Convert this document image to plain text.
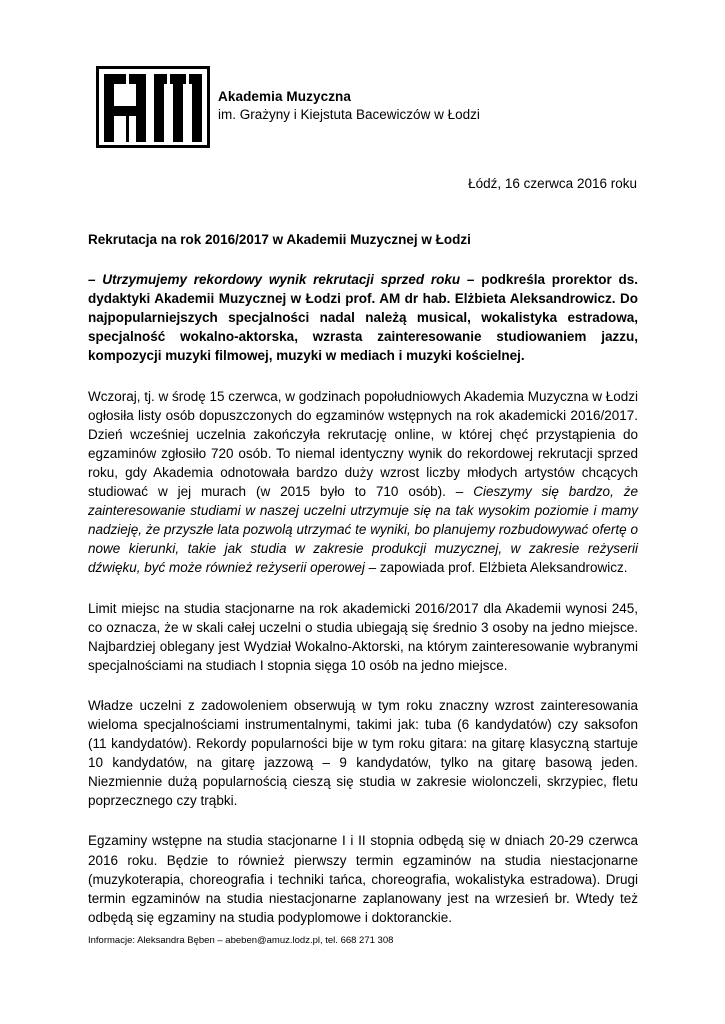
Akademia Muzyczna
im. Grażyny i Kiejstuta Bacewiczów w Łodzi
Łódź, 16 czerwca 2016 roku

Rekrutacja na rok 2016/2017 w Akademii Muzycznej w Łodzi

– Utrzymujemy rekordowy wynik rekrutacji sprzed roku – podkreśla prorektor ds. dydaktyki Akademii Muzycznej w Łodzi prof. AM dr hab. Elżbieta Aleksandrowicz. Do najpopularniejszych specjalności nadal należą musical, wokalistyka estradowa, specjalność wokalno-aktorska, wzrasta zainteresowanie studiowaniem jazzu, kompozycji muzyki filmowej, muzyki w mediach i muzyki kościelnej.

Wczoraj, tj. w środę 15 czerwca, w godzinach popołudniowych Akademia Muzyczna w Łodzi ogłosiła listy osób dopuszczonych do egzaminów wstępnych na rok akademicki 2016/2017. Dzień wcześniej uczelnia zakończyła rekrutację online, w której chęć przystąpienia do egzaminów zgłosiło 720 osób. To niemal identyczny wynik do rekordowej rekrutacji sprzed roku, gdy Akademia odnotowała bardzo duży wzrost liczby młodych artystów chcących studiować w jej murach (w 2015 było to 710 osób). – Cieszymy się bardzo, że zainteresowanie studiami w naszej uczelni utrzymuje się na tak wysokim poziomie i mamy nadzieję, że przyszłe lata pozwolą utrzymać te wyniki, bo planujemy rozbudowywać ofertę o nowe kierunki, takie jak studia w zakresie produkcji muzycznej, w zakresie reżyserii dźwięku, być może również reżyserii operowej – zapowiada prof. Elżbieta Aleksandrowicz.

Limit miejsc na studia stacjonarne na rok akademicki 2016/2017 dla Akademii wynosi 245, co oznacza, że w skali całej uczelni o studia ubiegają się średnio 3 osoby na jedno miejsce. Najbardziej oblegany jest Wydział Wokalno-Aktorski, na którym zainteresowanie wybranymi specjalnościami na studiach I stopnia sięga 10 osób na jedno miejsce.

Władze uczelni z zadowoleniem obserwują w tym roku znaczny wzrost zainteresowania wieloma specjalnościami instrumentalnymi, takimi jak: tuba (6 kandydatów) czy saksofon (11 kandydatów). Rekordy popularności bije w tym roku gitara: na gitarę klasyczną startuje 10 kandydatów, na gitarę jazzową – 9 kandydatów, tylko na gitarę basową jeden. Niezmiennie dużą popularnością cieszą się studia w zakresie wiolonczeli, skrzypiec, fletu poprzecznego czy trąbki.

Egzaminy wstępne na studia stacjonarne I i II stopnia odbędą się w dniach 20-29 czerwca 2016 roku. Będzie to również pierwszy termin egzaminów na studia niestacjonarne (muzykoterapia, choreografia i techniki tańca, choreografia, wokalistyka estradowa). Drugi termin egzaminów na studia niestacjonarne zaplanowany jest na wrzesień br. Wtedy też odbędą się egzaminy na studia podyplomowe i doktoranckie.

Informacje: Aleksandra Bęben – abeben@amuz.lodz.pl, tel. 668 271 308
